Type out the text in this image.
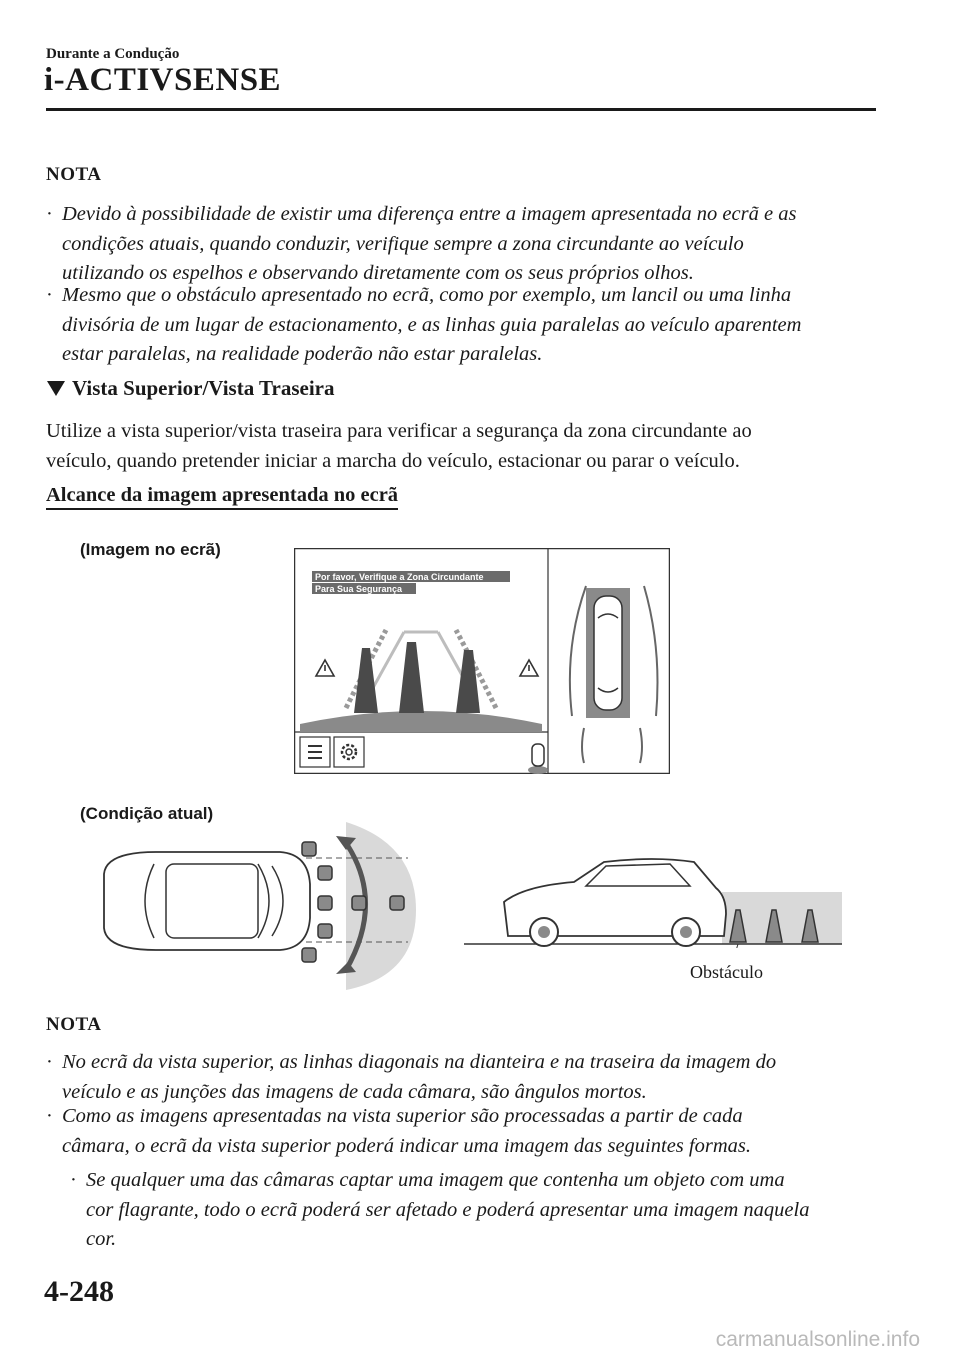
Durante a Condução
i-ACTIVSENSE
NOTA
· Devido à possibilidade de existir uma diferença entre a imagem apresentada no ecrã e as
condições atuais, quando conduzir, verifique sempre a zona circundante ao veículo
utilizando os espelhos e observando diretamente com os seus próprios olhos.
· Mesmo que o obstáculo apresentado no ecrã, como por exemplo, um lancil ou uma linha
divisória de um lugar de estacionamento, e as linhas guia paralelas ao veículo aparentem
estar paralelas, na realidade poderão não estar paralelas.
Vista Superior/Vista Traseira
Utilize a vista superior/vista traseira para verificar a segurança da zona circundante ao
veículo, quando pretender iniciar a marcha do veículo, estacionar ou parar o veículo.
Alcance da imagem apresentada no ecrã
(Imagem no ecrã)
Por favor, Verifique a Zona Circundante
Para Sua Segurança
(Condição atual)
Obstáculo
NOTA
· No ecrã da vista superior, as linhas diagonais na dianteira e na traseira da imagem do
veículo e as junções das imagens de cada câmara, são ângulos mortos.
· Como as imagens apresentadas na vista superior são processadas a partir de cada
câmara, o ecrã da vista superior poderá indicar uma imagem das seguintes formas.
· Se qualquer uma das câmaras captar uma imagem que contenha um objeto com uma
cor flagrante, todo o ecrã poderá ser afetado e poderá apresentar uma imagem naquela
cor.
4-248
carmanualsonline.info
